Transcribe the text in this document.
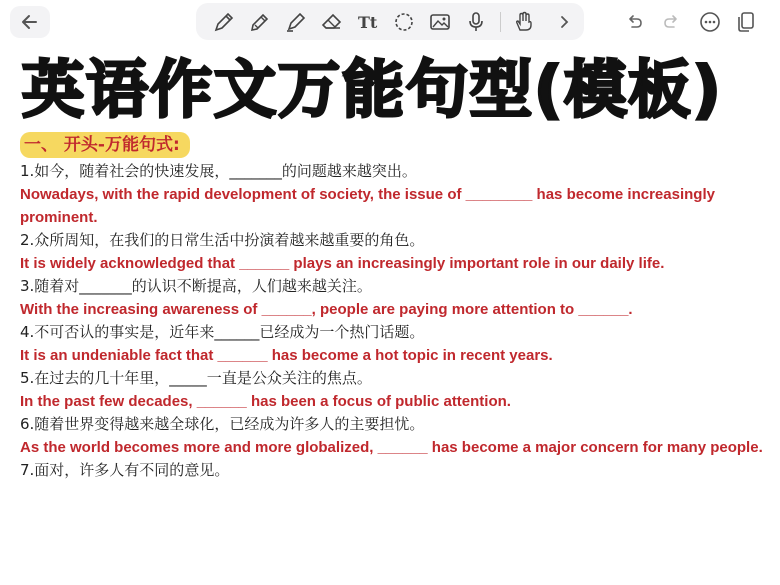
Tt
英语作文万能句型(模板)
一、 开头-万能句式:
1.如今，随着社会的快速发展，_______的问题越来越突出。
Nowadays, with the rapid development of society, the issue of ________ has become increasingly prominent.
2.众所周知，在我们的日常生活中扮演着越来越重要的角色。
It is widely acknowledged that ______ plays an increasingly important role in our daily life.
3.随着对_______的认识不断提高，人们越来越关注。
With the increasing awareness of ______, people are paying more attention to ______.
4.不可否认的事实是，近年来______已经成为一个热门话题。
It is an undeniable fact that ______ has become a hot topic in recent years.
5.在过去的几十年里，_____一直是公众关注的焦点。
In the past few decades, ______ has been a focus of public attention.
6.随着世界变得越来越全球化，已经成为许多人的主要担忧。
As the world becomes more and more globalized, ______ has become a major concern for many people.
7.面对，许多人有不同的意见。
